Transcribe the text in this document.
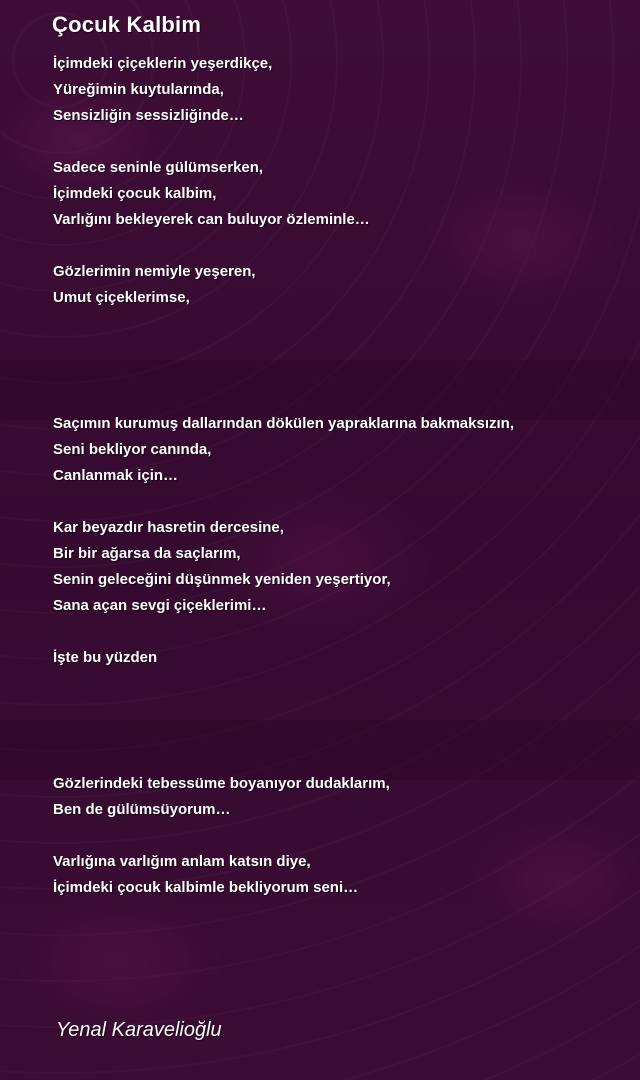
Çocuk Kalbim
İçimdeki çiçeklerin yeşerdikçe,
Yüreğimin kuytularında,
Sensizliğin sessizliğinde…
Sadece seninle gülümserken,
İçimdeki çocuk kalbim,
Varlığını bekleyerek can buluyor özleminle…
Gözlerimin nemiyle yeşeren,
Umut çiçeklerimse,
Saçımın kurumuş dallarından dökülen yapraklarına bakmaksızın,
Seni bekliyor canında,
Canlanmak için…
Kar beyazdır hasretin dercesine,
Bir bir ağarsa da saçlarım,
Senin geleceğini düşünmek yeniden yeşertiyor,
Sana açan sevgi çiçeklerimi…
İşte bu yüzden
Gözlerindeki tebessüme boyanıyor dudaklarım,
Ben de gülümsüyorum…
Varlığına varlığım anlam katsın diye,
İçimdeki çocuk kalbimle bekliyorum seni…
Yenal Karavelioğlu
